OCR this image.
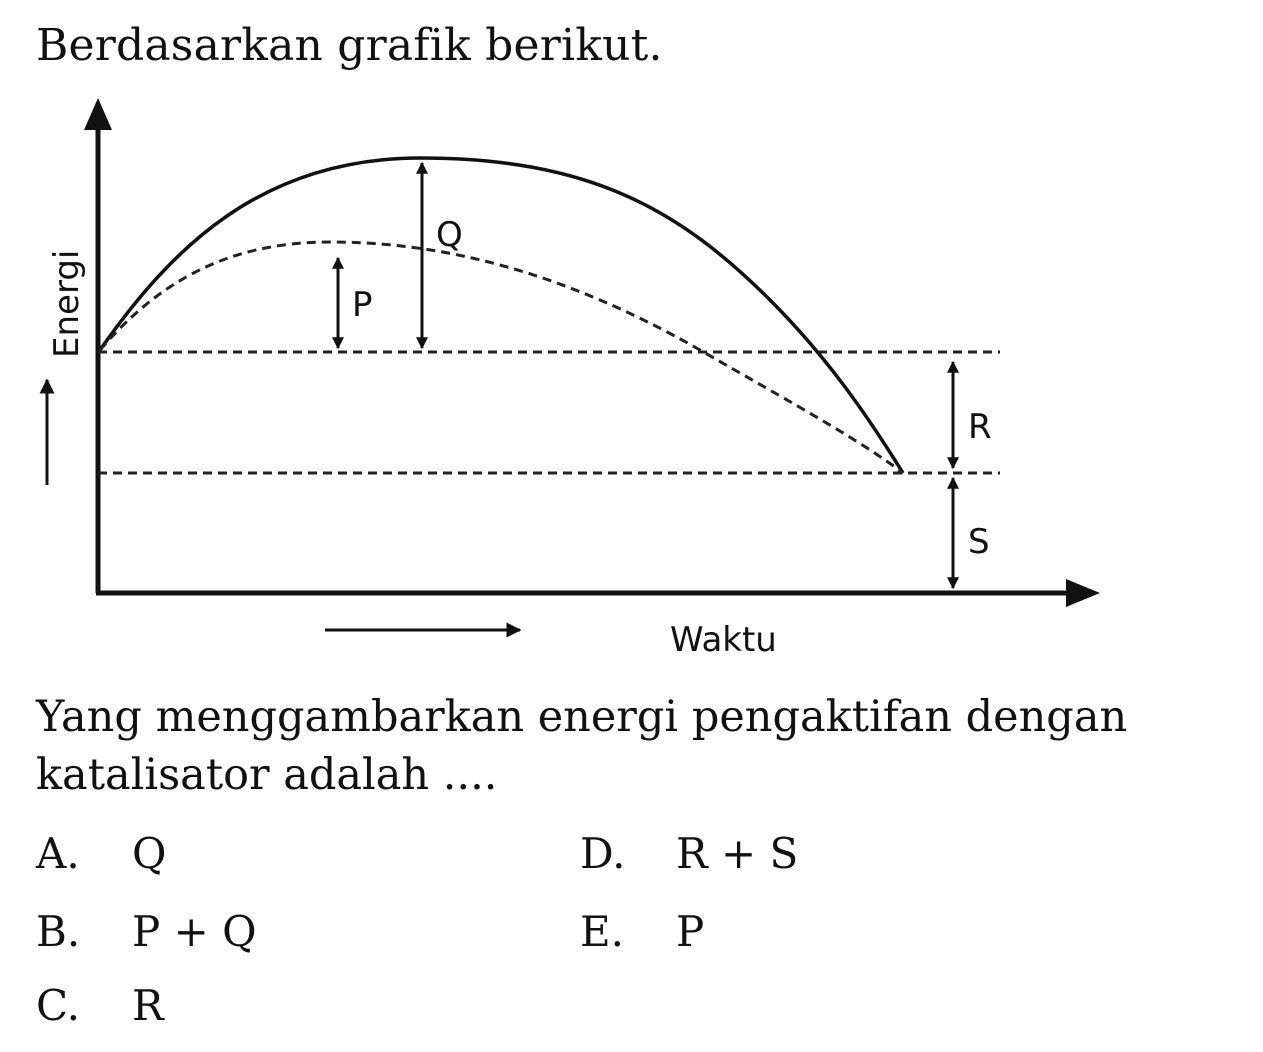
Berdasarkan grafik berikut.
P
Q
R
S
Energi
Waktu
Yang menggambarkan energi pengaktifan dengan katalisator adalah ....
A. Q
B. P + Q
C. R
D. R + S
E. P
